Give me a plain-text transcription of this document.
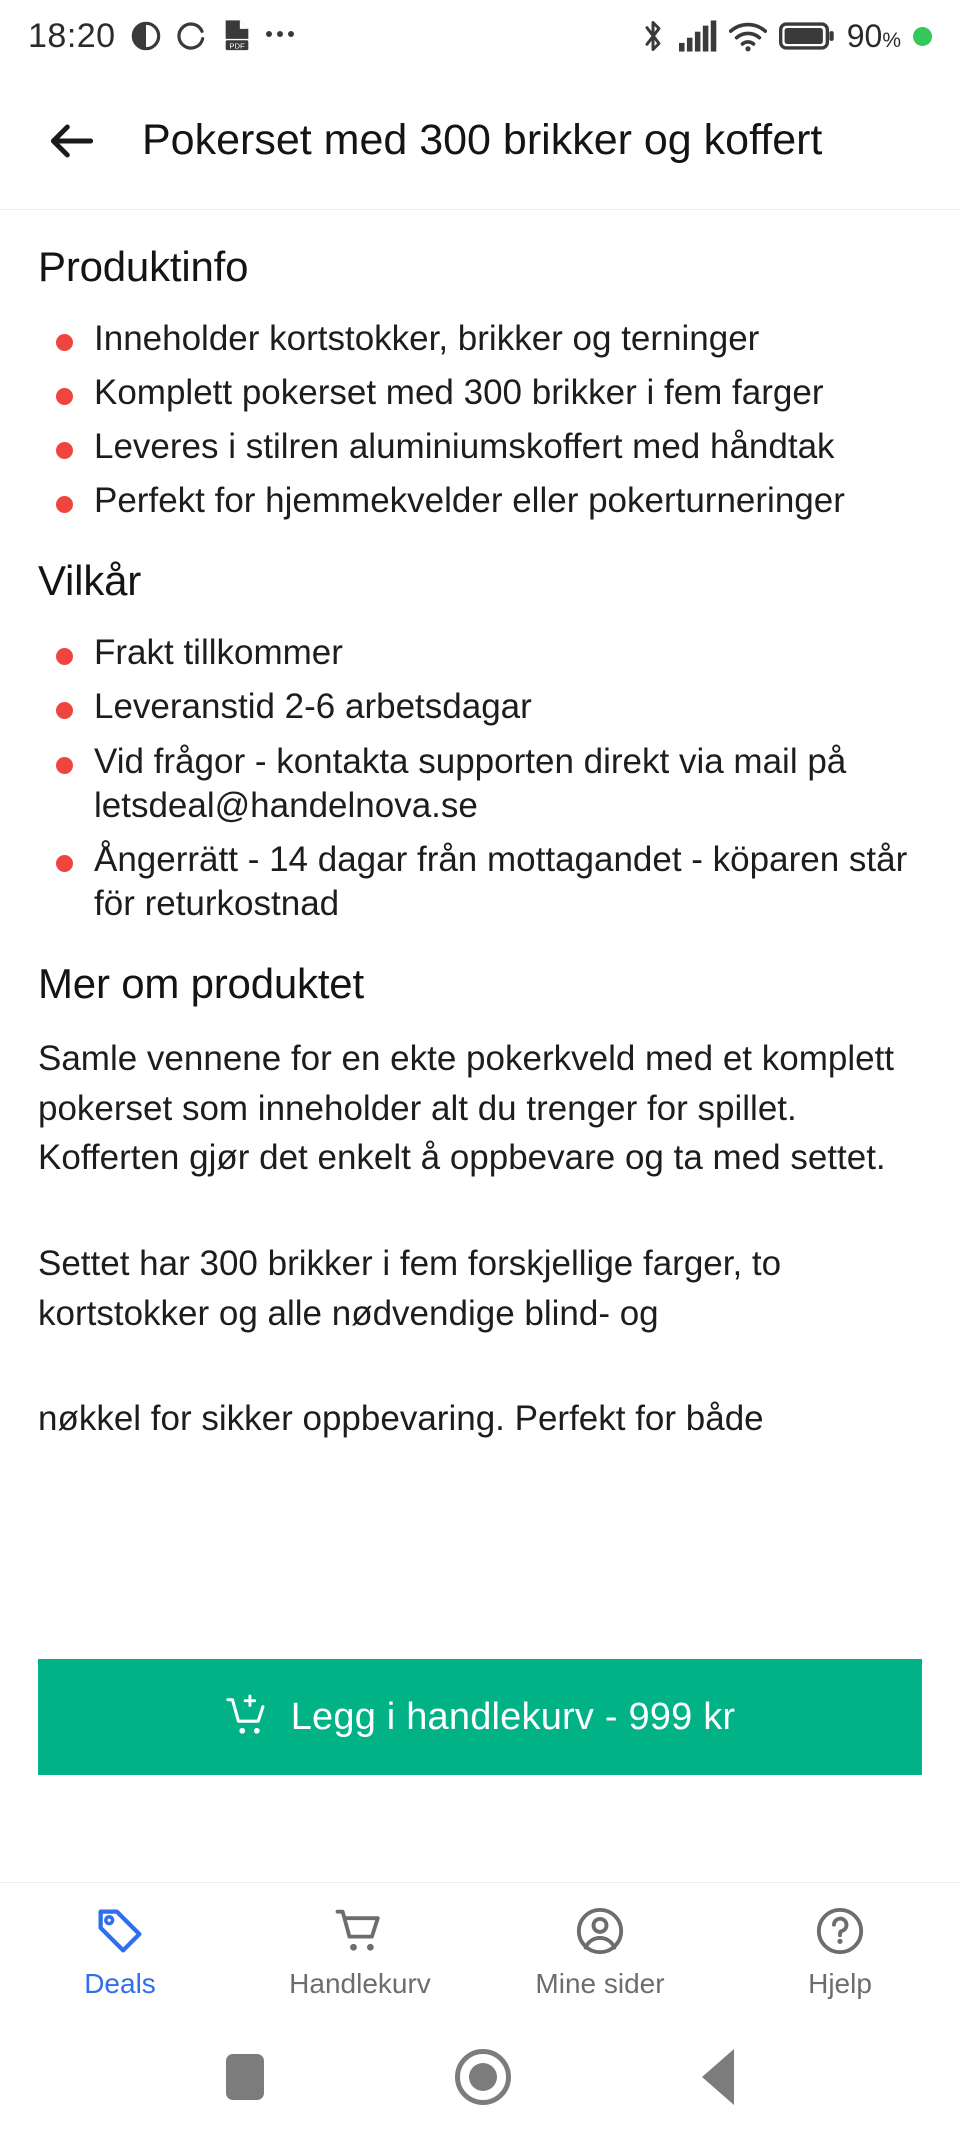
18:20	PDF	90%
Pokerset med 300 brikker og koffert
Produktinfo
Inneholder kortstokker, brikker og terninger
Komplett pokerset med 300 brikker i fem farger
Leveres i stilren aluminiumskoffert med håndtak
Perfekt for hjemmekvelder eller pokerturneringer
Vilkår
Frakt tillkommer
Leveranstid 2-6 arbetsdagar
Vid frågor - kontakta supporten direkt via mail på letsdeal@handelnova.se
Ångerrätt - 14 dagar från mottagandet - köparen står för returkostnad
Mer om produktet

Samle vennene for en ekte pokerkveld med et komplett pokerset som inneholder alt du trenger for spillet. Kofferten gjør det enkelt å oppbevare og ta med settet.

Settet har 300 brikker i fem forskjellige farger, to kortstokker og alle nødvendige blind- og

nøkkel for sikker oppbevaring. Perfekt for både

Legg i handlekurv - 999 kr
Deals	Handlekurv	Mine sider	Hjelp
